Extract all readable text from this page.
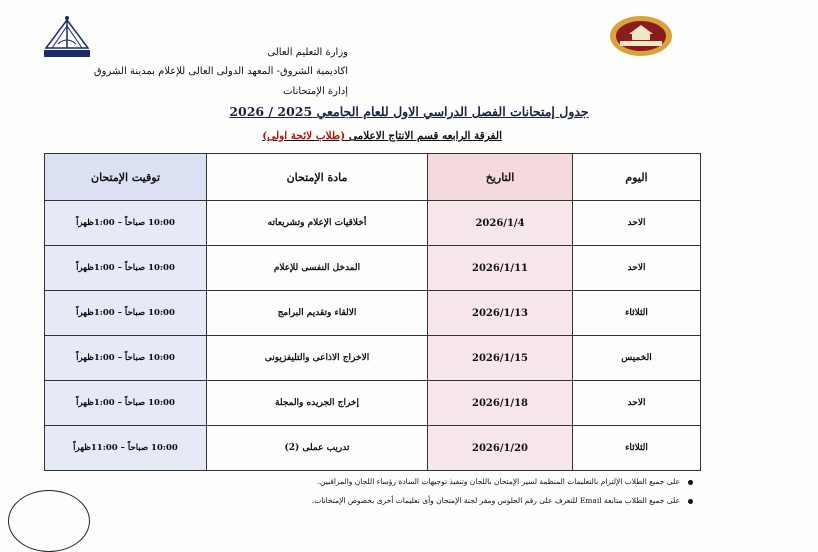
وزارة التعليم العالى
اكاديمية الشروق- المعهد الدولى العالى للإعلام بمدينة الشروق
إدارة الإمتحانات
جدول إمتحانات الفصل الدراسي الاول للعام الجامعي 2025 / 2026
الفرقة الرابعه قسم الانتاج الاعلامى (طلاب لائحة اولى)
اليوم	التاريخ	مادة الإمتحان	توقيت الإمتحان
الاحد	2026/1/4	أخلاقيات الإعلام وتشريعاته	10:00 صباحاً – 1:00ظهراً
الاحد	2026/1/11	المدخل النفسى للإعلام	10:00 صباحاً – 1:00ظهراً
الثلاثاء	2026/1/13	الالقاء وتقديم البرامج	10:00 صباحاً – 1:00ظهراً
الخميس	2026/1/15	الاخراج الاذاعى والتليفزيونى	10:00 صباحاً – 1:00ظهراً
الاحد	2026/1/18	إخراج الجريده والمجلة	10:00 صباحاً – 1:00ظهراً
الثلاثاء	2026/1/20	تدريب عملى (2)	10:00 صباحاً – 11:00ظهراً
على جميع الطلاب الإلتزام بالتعليمات المنظمة لسير الإمتحان باللجان وتنفيذ توجيهات السادة رؤساء اللجان والمراقبين.
على جميع الطلاب متابعة Email للتعرف على رقم الجلوس ومقر لجنة الإمتحان وأى تعليمات أخرى بخصوص الإمتحانات.
